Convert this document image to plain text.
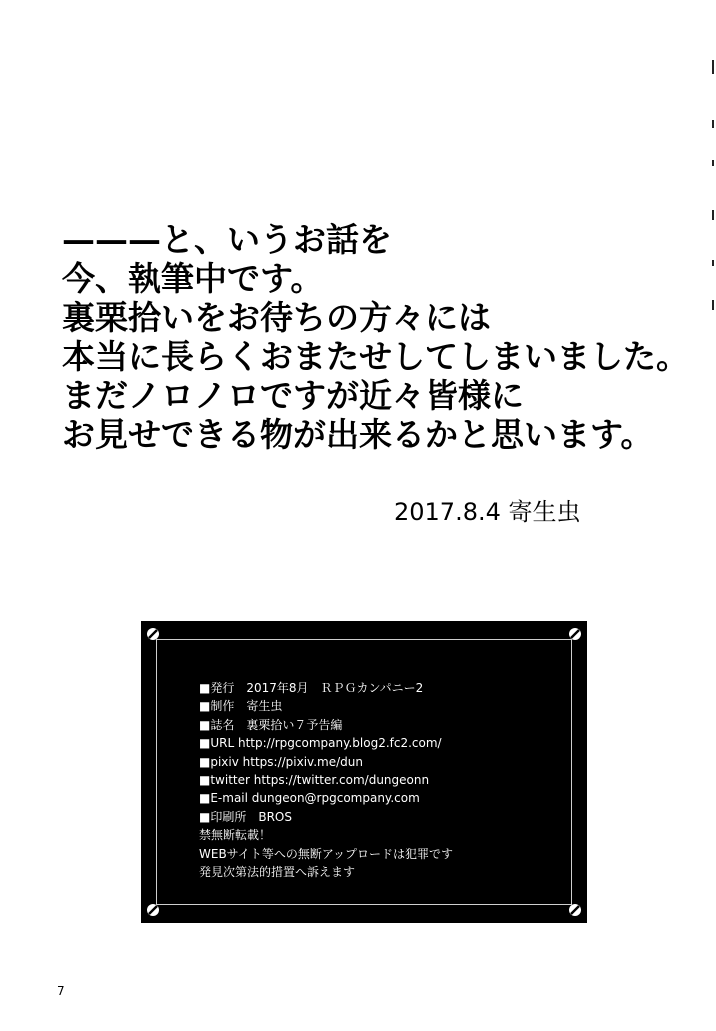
———と、いうお話を
今、執筆中です。
裏栗拾いをお待ちの方々には
本当に長らくおまたせしてしまいました。
まだノロノロですが近々皆様に
お見せできる物が出来るかと思います。
2017.8.4 寄生虫
■発行　2017年8月　ＲＰＧカンパニー2
■制作　寄生虫
■誌名　裏栗拾い７予告編
■URL http://rpgcompany.blog2.fc2.com/
■pixiv https://pixiv.me/dun
■twitter https://twitter.com/dungeonn
■E-mail dungeon@rpgcompany.com
■印刷所　BROS
禁無断転載！
WEBサイト等への無断アップロードは犯罪です
発見次第法的措置へ訴えます
7
